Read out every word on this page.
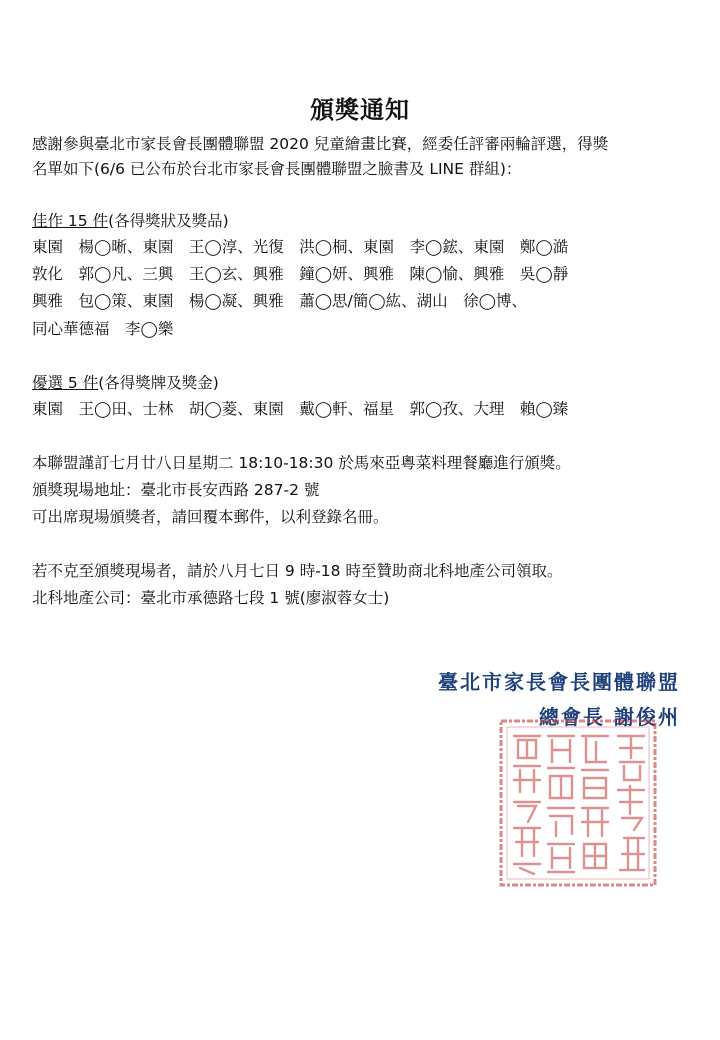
頒獎通知
感謝參與臺北市家長會長團體聯盟 2020 兒童繪畫比賽，經委任評審兩輪評選，得獎
名單如下(6/6 已公布於台北市家長會長團體聯盟之臉書及 LINE 群組)：
佳作 15 件(各得獎狀及獎品)
東園　楊◯晰、東園　王◯淳、光復　洪◯桐、東園　李◯鋐、東園　鄭◯澔
敦化　郭◯凡、三興　王◯玄、興雅　鐘◯妍、興雅　陳◯愉、興雅　吳◯靜
興雅　包◯策、東園　楊◯凝、興雅　蕭◯思/簡◯紘、湖山　徐◯博、
同心華德福　李◯樂
優選 5 件(各得獎牌及獎金)
東園　王◯田、士林　胡◯菱、東園　戴◯軒、福星　郭◯孜、大理　賴◯臻
本聯盟謹訂七月廿八日星期二 18:10-18:30 於馬來亞粵菜料理餐廳進行頒獎。
頒獎現場地址：臺北市長安西路 287-2 號
可出席現場頒獎者，請回覆本郵件，以利登錄名冊。
若不克至頒獎現場者，請於八月七日 9 時-18 時至贊助商北科地產公司領取。
北科地產公司：臺北市承德路七段 1 號(廖淑蓉女士)
臺北市家長會長團體聯盟
總會長 謝俊州
